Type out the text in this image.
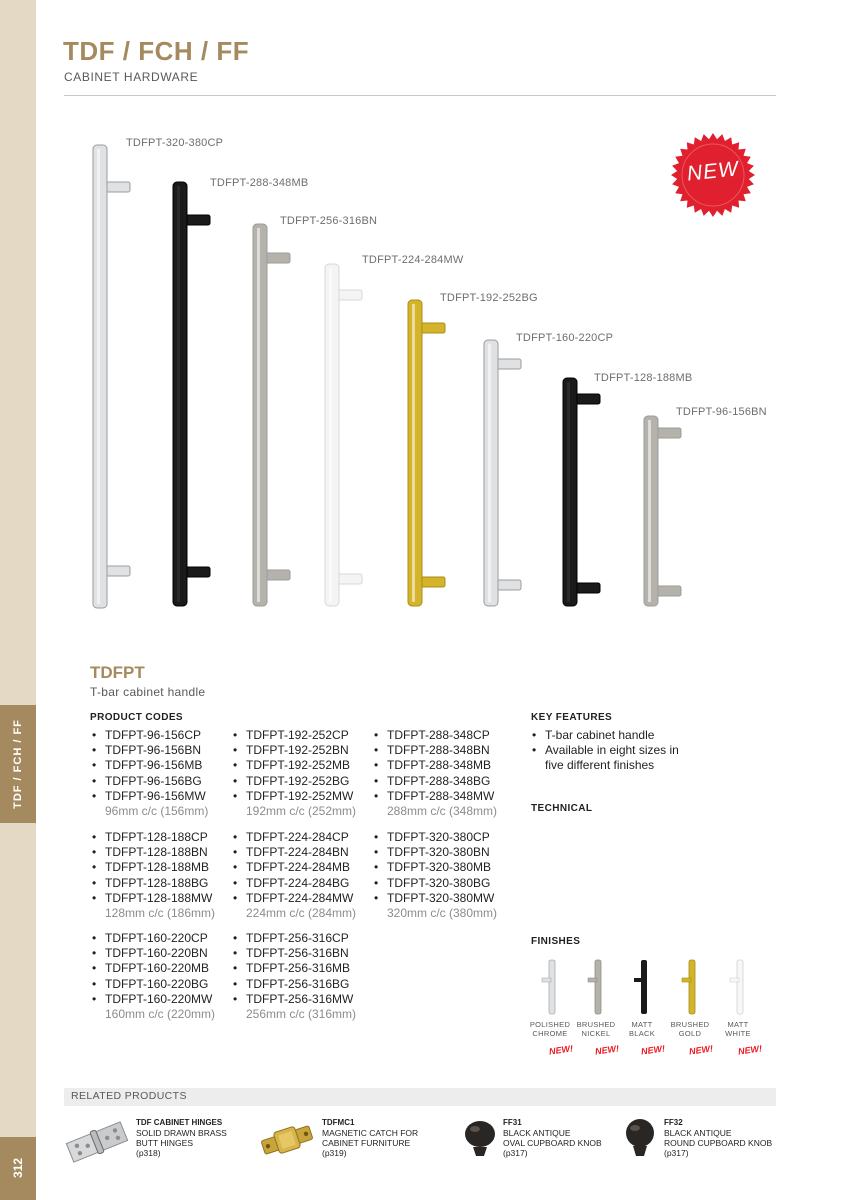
TDF / FCH / FF
312
TDF / FCH / FF
CABINET HARDWARE
TDFPT-320-380CP
TDFPT-288-348MB
TDFPT-256-316BN
TDFPT-224-284MW
TDFPT-192-252BG
TDFPT-160-220CP
TDFPT-128-188MB
TDFPT-96-156BN
NEW
TDFPT
T-bar cabinet handle
PRODUCT CODES
• TDFPT-96-156CP
• TDFPT-96-156BN
• TDFPT-96-156MB
• TDFPT-96-156BG
• TDFPT-96-156MW
96mm c/c (156mm)
• TDFPT-128-188CP
• TDFPT-128-188BN
• TDFPT-128-188MB
• TDFPT-128-188BG
• TDFPT-128-188MW
128mm c/c (186mm)
• TDFPT-160-220CP
• TDFPT-160-220BN
• TDFPT-160-220MB
• TDFPT-160-220BG
• TDFPT-160-220MW
160mm c/c (220mm)
• TDFPT-192-252CP
• TDFPT-192-252BN
• TDFPT-192-252MB
• TDFPT-192-252BG
• TDFPT-192-252MW
192mm c/c (252mm)
• TDFPT-224-284CP
• TDFPT-224-284BN
• TDFPT-224-284MB
• TDFPT-224-284BG
• TDFPT-224-284MW
224mm c/c (284mm)
• TDFPT-256-316CP
• TDFPT-256-316BN
• TDFPT-256-316MB
• TDFPT-256-316BG
• TDFPT-256-316MW
256mm c/c (316mm)
• TDFPT-288-348CP
• TDFPT-288-348BN
• TDFPT-288-348MB
• TDFPT-288-348BG
• TDFPT-288-348MW
288mm c/c (348mm)
• TDFPT-320-380CP
• TDFPT-320-380BN
• TDFPT-320-380MB
• TDFPT-320-380BG
• TDFPT-320-380MW
320mm c/c (380mm)
KEY FEATURES
• T-bar cabinet handle
• Available in eight sizes in five different finishes
TECHNICAL
FINISHES
POLISHED
CHROME
BRUSHED
NICKEL
MATT
BLACK
BRUSHED
GOLD
MATT
WHITE
NEW! NEW! NEW!	NEW!	NEW!
RELATED PRODUCTS
TDF CABINET HINGES
SOLID DRAWN BRASS
BUTT HINGES
(p318)
TDFMC1
MAGNETIC CATCH FOR
CABINET FURNITURE
(p319)
FF31
BLACK ANTIQUE
OVAL CUPBOARD KNOB
(p317)
FF32
BLACK ANTIQUE
ROUND CUPBOARD KNOB
(p317)
